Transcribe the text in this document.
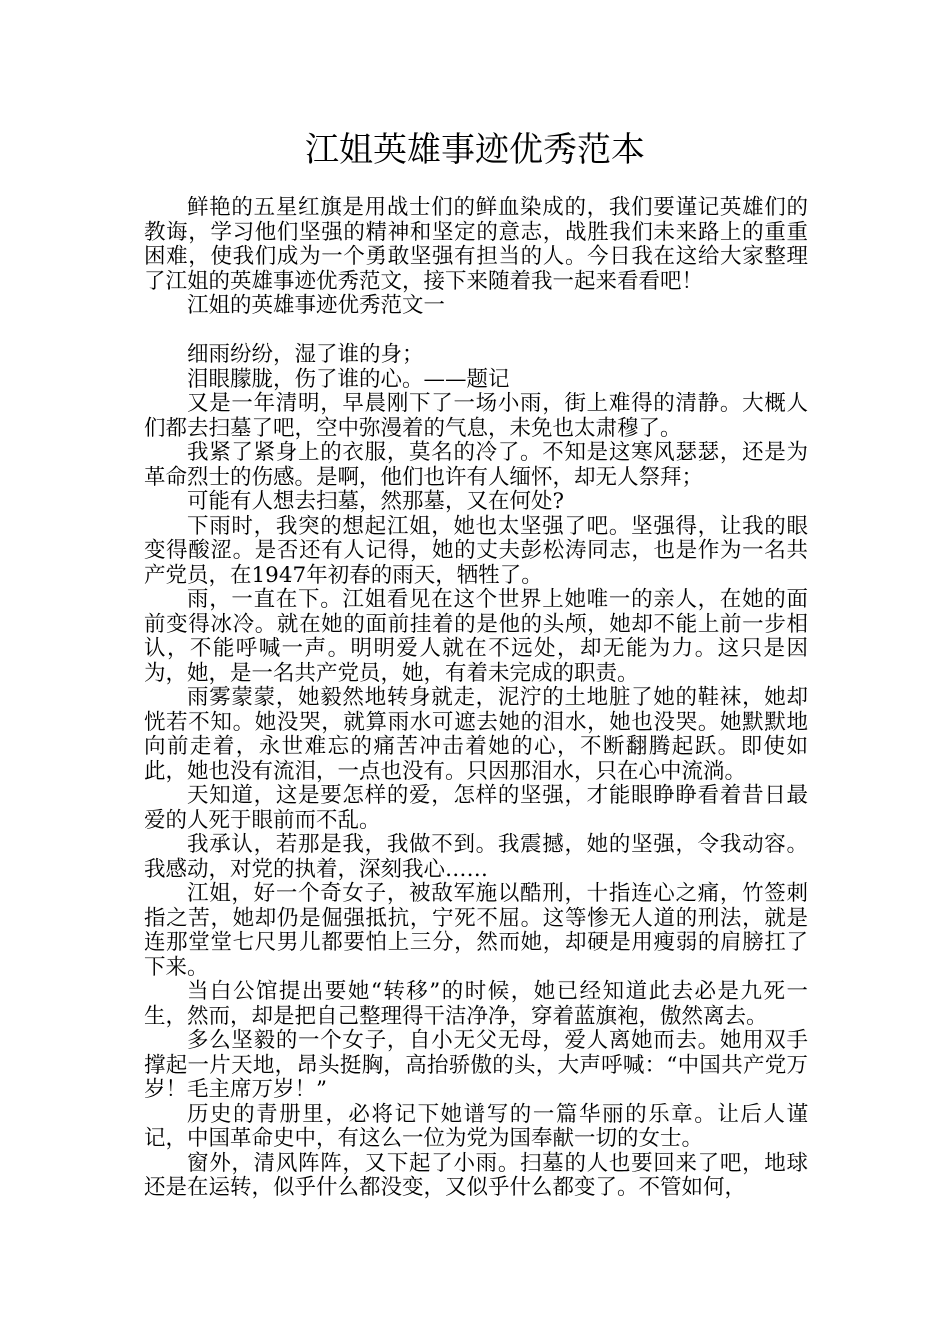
江姐英雄事迹优秀范本

鲜艳的五星红旗是用战士们的鲜血染成的，我们要谨记英雄们的教诲，学习他们坚强的精神和坚定的意志，战胜我们未来路上的重重困难，使我们成为一个勇敢坚强有担当的人。今日我在这给大家整理了江姐的英雄事迹优秀范文，接下来随着我一起来看看吧！

江姐的英雄事迹优秀范文一

细雨纷纷，湿了谁的身；

泪眼朦胧，伤了谁的心。——题记

又是一年清明，早晨刚下了一场小雨，街上难得的清静。大概人们都去扫墓了吧，空中弥漫着的气息，未免也太肃穆了。

我紧了紧身上的衣服，莫名的冷了。不知是这寒风瑟瑟，还是为革命烈士的伤感。是啊，他们也许有人缅怀，却无人祭拜；

可能有人想去扫墓，然那墓，又在何处?

下雨时，我突的想起江姐，她也太坚强了吧。坚强得，让我的眼变得酸涩。是否还有人记得，她的丈夫彭松涛同志，也是作为一名共产党员，在1947年初春的雨天，牺牲了。

雨，一直在下。江姐看见在这个世界上她唯一的亲人，在她的面前变得冰冷。就在她的面前挂着的是他的头颅，她却不能上前一步相认，不能呼喊一声。明明爱人就在不远处，却无能为力。这只是因为，她，是一名共产党员，她，有着未完成的职责。

雨雾蒙蒙，她毅然地转身就走，泥泞的土地脏了她的鞋袜，她却恍若不知。她没哭，就算雨水可遮去她的泪水，她也没哭。她默默地向前走着，永世难忘的痛苦冲击着她的心，不断翻腾起跃。即使如此，她也没有流泪，一点也没有。只因那泪水，只在心中流淌。

天知道，这是要怎样的爱，怎样的坚强，才能眼睁睁看着昔日最爱的人死于眼前而不乱。

我承认，若那是我，我做不到。我震撼，她的坚强，令我动容。我感动，对党的执着，深刻我心……

江姐，好一个奇女子，被敌军施以酷刑，十指连心之痛，竹签刺指之苦，她却仍是倔强抵抗，宁死不屈。这等惨无人道的刑法，就是连那堂堂七尺男儿都要怕上三分，然而她，却硬是用瘦弱的肩膀扛了下来。

当白公馆提出要她“转移”的时候，她已经知道此去必是九死一生，然而，却是把自己整理得干洁净净，穿着蓝旗袍，傲然离去。

多么坚毅的一个女子，自小无父无母，爱人离她而去。她用双手撑起一片天地，昂头挺胸，高抬骄傲的头，大声呼喊：“中国共产党万岁！毛主席万岁！”

历史的青册里，必将记下她谱写的一篇华丽的乐章。让后人谨记，中国革命史中，有这么一位为党为国奉献一切的女士。

窗外，清风阵阵，又下起了小雨。扫墓的人也要回来了吧，地球还是在运转，似乎什么都没变，又似乎什么都变了。不管如何，
